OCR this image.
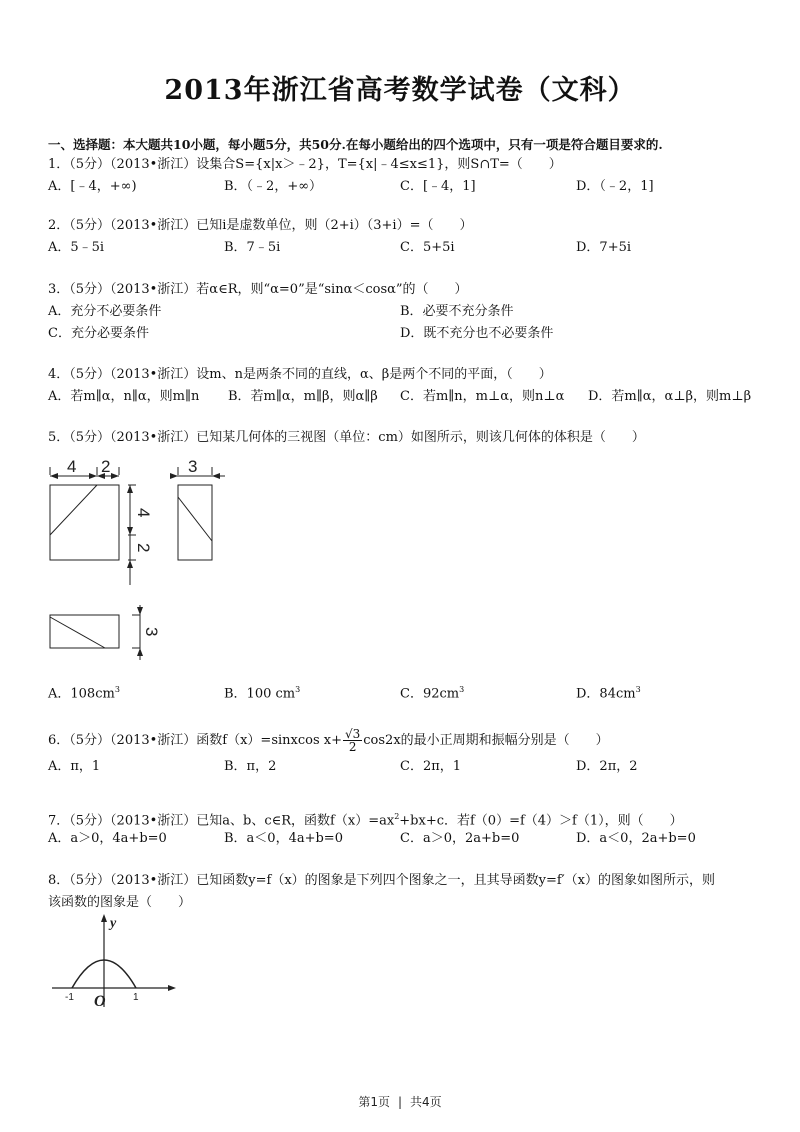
2013年浙江省高考数学试卷（文科）
一、选择题：本大题共10小题，每小题5分，共50分.在每小题给出的四个选项中，只有一项是符合题目要求的.
1．（5分）（2013•浙江）设集合S={x|x＞﹣2}，T={x|﹣4≤x≤1}，则S∩T=（　　）
A．[﹣4，+∞)	B．（﹣2，+∞）	C．[﹣4，1]	D．（﹣2，1]
2．（5分）（2013•浙江）已知i是虚数单位，则（2+i）（3+i）=（　　）
A．5﹣5i	B．7﹣5i	C．5+5i	D．7+5i
3．（5分）（2013•浙江）若α∈R，则“α=0”是“sinα＜cosα”的（　　）
A．充分不必要条件	B．必要不充分条件
C．充分必要条件	D．既不充分也不必要条件
4．（5分）（2013•浙江）设m、n是两条不同的直线，α、β是两个不同的平面，（　　）
A．若m∥α，n∥α，则m∥n B．若m∥α，m∥β，则α∥β C．若m∥n，m⊥α，则n⊥α D．若m∥α，α⊥β，则m⊥β
5．（5分）（2013•浙江）已知某几何体的三视图（单位：cm）如图所示，则该几何体的体积是（　　）
4 2	3
4
2
3
A．$108cm^3$	B．100 $cm^3$	C．$92cm^3$	D．$84cm^3$
6．（5分）（2013•浙江）函数f（x）=sinxcos $x+ \frac{√3}{2} \cos 2x$的最小正周期和振幅分别是（　　）
A．π，1	B．π，2	C．2π，1	D．2π，2
7．（5分）（2013•浙江）已知a、b、c∈R，函数$f(x)=ax^2+bx+c$．若f（0）=f（4）＞f（1），则（　　）
A．a＞0，4a+b=0	B．a＜0，4a+b=0	C．a＞0，2a+b=0	D．a＜0，2a+b=0
8．（5分）（2013•浙江）已知函数y=f（x）的图象是下列四个图象之一，且其导函数y=f′（x）的图象如图所示，则
该函数的图象是（　　）
y
O
-1	1
第1页 | 共4页
